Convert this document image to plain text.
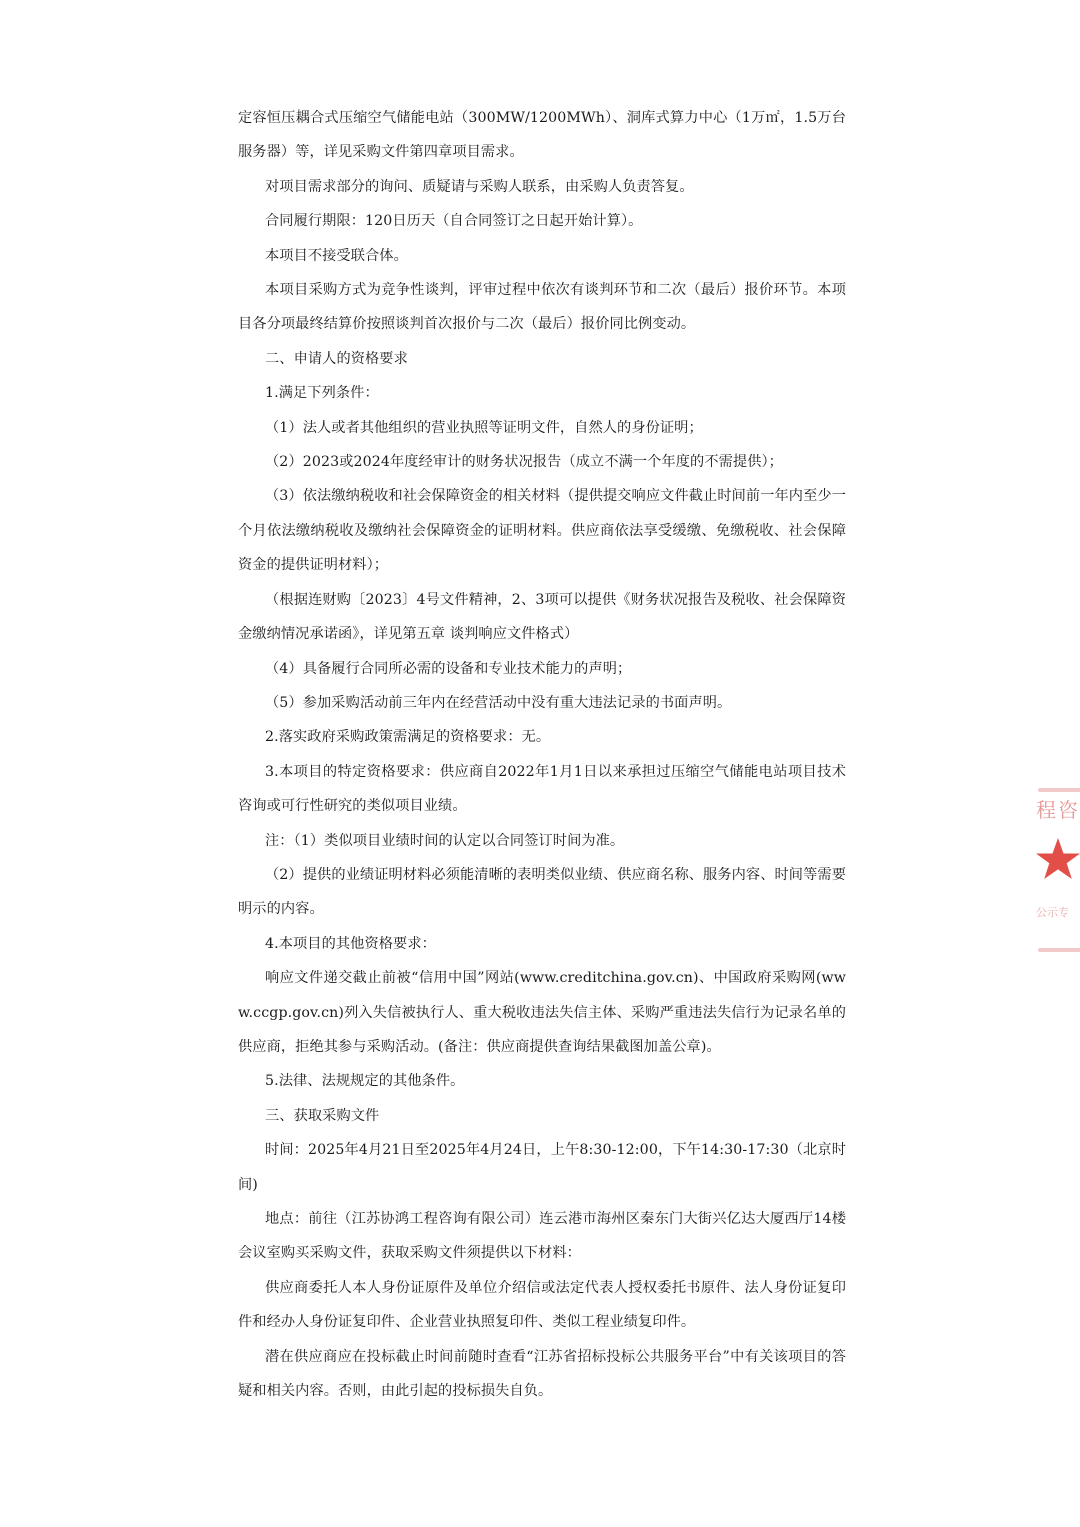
定容恒压耦合式压缩空气储能电站（300MW/1200MWh）、洞库式算力中心（1万㎡，1.5万台服务器）等，详见采购文件第四章项目需求。

对项目需求部分的询问、质疑请与采购人联系，由采购人负责答复。

合同履行期限：120日历天（自合同签订之日起开始计算）。

本项目不接受联合体。

本项目采购方式为竞争性谈判，评审过程中依次有谈判环节和二次（最后）报价环节。本项目各分项最终结算价按照谈判首次报价与二次（最后）报价同比例变动。

二、申请人的资格要求

1.满足下列条件：

（1）法人或者其他组织的营业执照等证明文件，自然人的身份证明；

（2）2023或2024年度经审计的财务状况报告（成立不满一个年度的不需提供）；

（3）依法缴纳税收和社会保障资金的相关材料（提供提交响应文件截止时间前一年内至少一个月依法缴纳税收及缴纳社会保障资金的证明材料。供应商依法享受缓缴、免缴税收、社会保障资金的提供证明材料）；

（根据连财购〔2023〕4号文件精神，2、3项可以提供《财务状况报告及税收、社会保障资金缴纳情况承诺函》，详见第五章 谈判响应文件格式）

（4）具备履行合同所必需的设备和专业技术能力的声明；

（5）参加采购活动前三年内在经营活动中没有重大违法记录的书面声明。

2.落实政府采购政策需满足的资格要求：无。

3.本项目的特定资格要求：供应商自2022年1月1日以来承担过压缩空气储能电站项目技术咨询或可行性研究的类似项目业绩。

注：（1）类似项目业绩时间的认定以合同签订时间为准。

（2）提供的业绩证明材料必须能清晰的表明类似业绩、供应商名称、服务内容、时间等需要明示的内容。

4.本项目的其他资格要求：

响应文件递交截止前被“信用中国”网站(www.creditchina.gov.cn)、中国政府采购网(www.ccgp.gov.cn)列入失信被执行人、重大税收违法失信主体、采购严重违法失信行为记录名单的供应商，拒绝其参与采购活动。(备注：供应商提供查询结果截图加盖公章)。

5.法律、法规规定的其他条件。

三、获取采购文件

时间：2025年4月21日至2025年4月24日，上午8:30-12:00，下午14:30-17:30（北京时间)

地点：前往（江苏协鸿工程咨询有限公司）连云港市海州区秦东门大街兴亿达大厦西厅14楼会议室购买采购文件，获取采购文件须提供以下材料：

供应商委托人本人身份证原件及单位介绍信或法定代表人授权委托书原件、法人身份证复印件和经办人身份证复印件、企业营业执照复印件、类似工程业绩复印件。

潜在供应商应在投标截止时间前随时查看“江苏省招标投标公共服务平台”中有关该项目的答疑和相关内容。否则，由此引起的投标损失自负。

程咨
公示专
